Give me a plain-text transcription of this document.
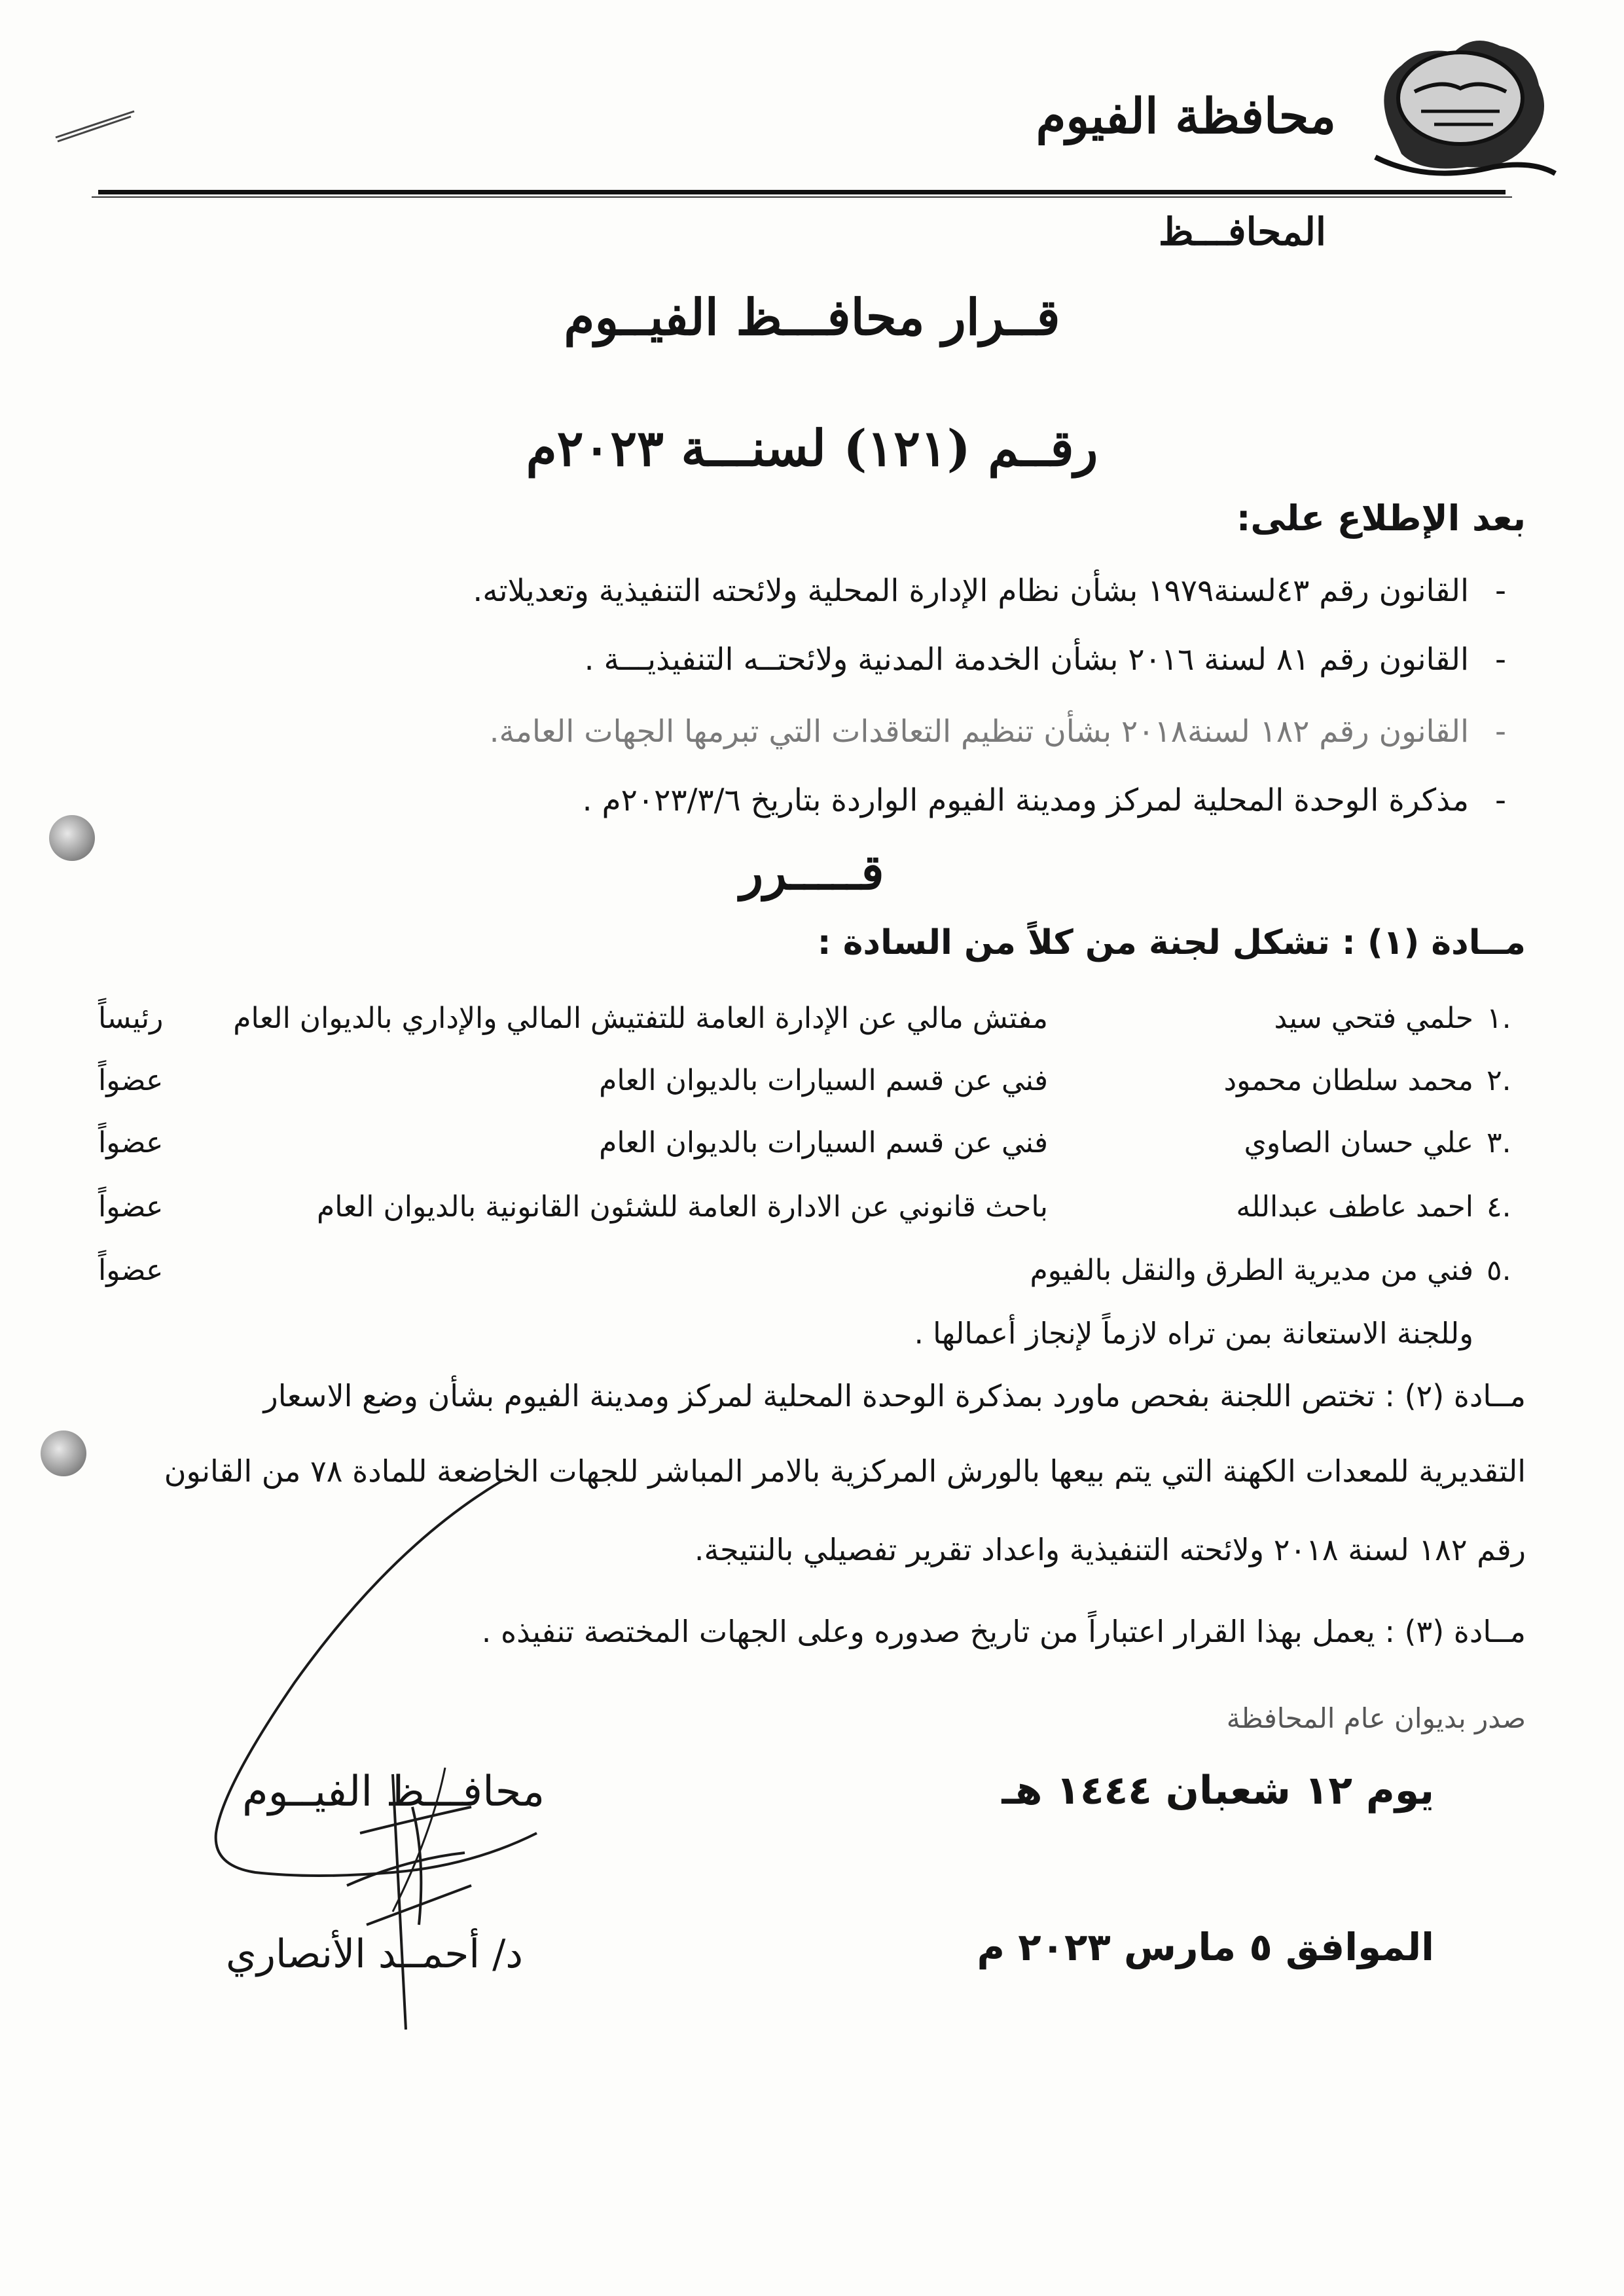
محافظة الفيوم
المحافـــظ
قــرار محافـــظ الفيــوم
رقــم (١٢١) لسنـــة ٢٠٢٣م
بعد الإطلاع على:
-القانون رقم ٤٣لسنة١٩٧٩ بشأن نظام الإدارة المحلية ولائحته التنفيذية وتعديلاته.
-القانون رقم ٨١ لسنة ٢٠١٦ بشأن الخدمة المدنية ولائحتــه التنفيذيـــة .
-القانون رقم ١٨٢ لسنة٢٠١٨ بشأن تنظيم التعاقدات التي تبرمها الجهات العامة.
-مذكرة الوحدة المحلية لمركز ومدينة الفيوم الواردة بتاريخ ٢٠٢٣/٣/٦م .
قـــــرر
مــادة (١) : تشكل لجنة من كلاً من السادة :
.١
حلمي فتحي سيد
مفتش مالي عن الإدارة العامة للتفتيش المالي والإداري بالديوان العام
رئيساً
.٢
محمد سلطان محمود
فني عن قسم السيارات بالديوان العام
عضواً
.٣
علي حسان الصاوي
فني عن قسم السيارات بالديوان العام
عضواً
.٤
احمد عاطف عبدالله
باحث قانوني عن الادارة العامة للشئون القانونية بالديوان العام
عضواً
.٥
فني من مديرية الطرق والنقل بالفيوم
عضواً
وللجنة الاستعانة بمن تراه لازماً لإنجاز أعمالها .
مــادة (٢) : تختص اللجنة بفحص ماورد بمذكرة الوحدة المحلية لمركز ومدينة الفيوم بشأن وضع الاسعار
التقديرية للمعدات الكهنة التي يتم بيعها بالورش المركزية بالامر المباشر للجهات الخاضعة للمادة ٧٨ من القانون
رقم ١٨٢ لسنة ٢٠١٨ ولائحته التنفيذية واعداد تقرير تفصيلي بالنتيجة.
مــادة (٣) : يعمل بهذا القرار اعتباراً من تاريخ صدوره وعلى الجهات المختصة تنفيذه .
صدر بديوان عام المحافظة
يوم ١٢ شعبان ١٤٤٤ هـ
الموافق ٥ مارس ٢٠٢٣ م
محافـــظ الفيــوم
د/ أحمــد الأنصاري
